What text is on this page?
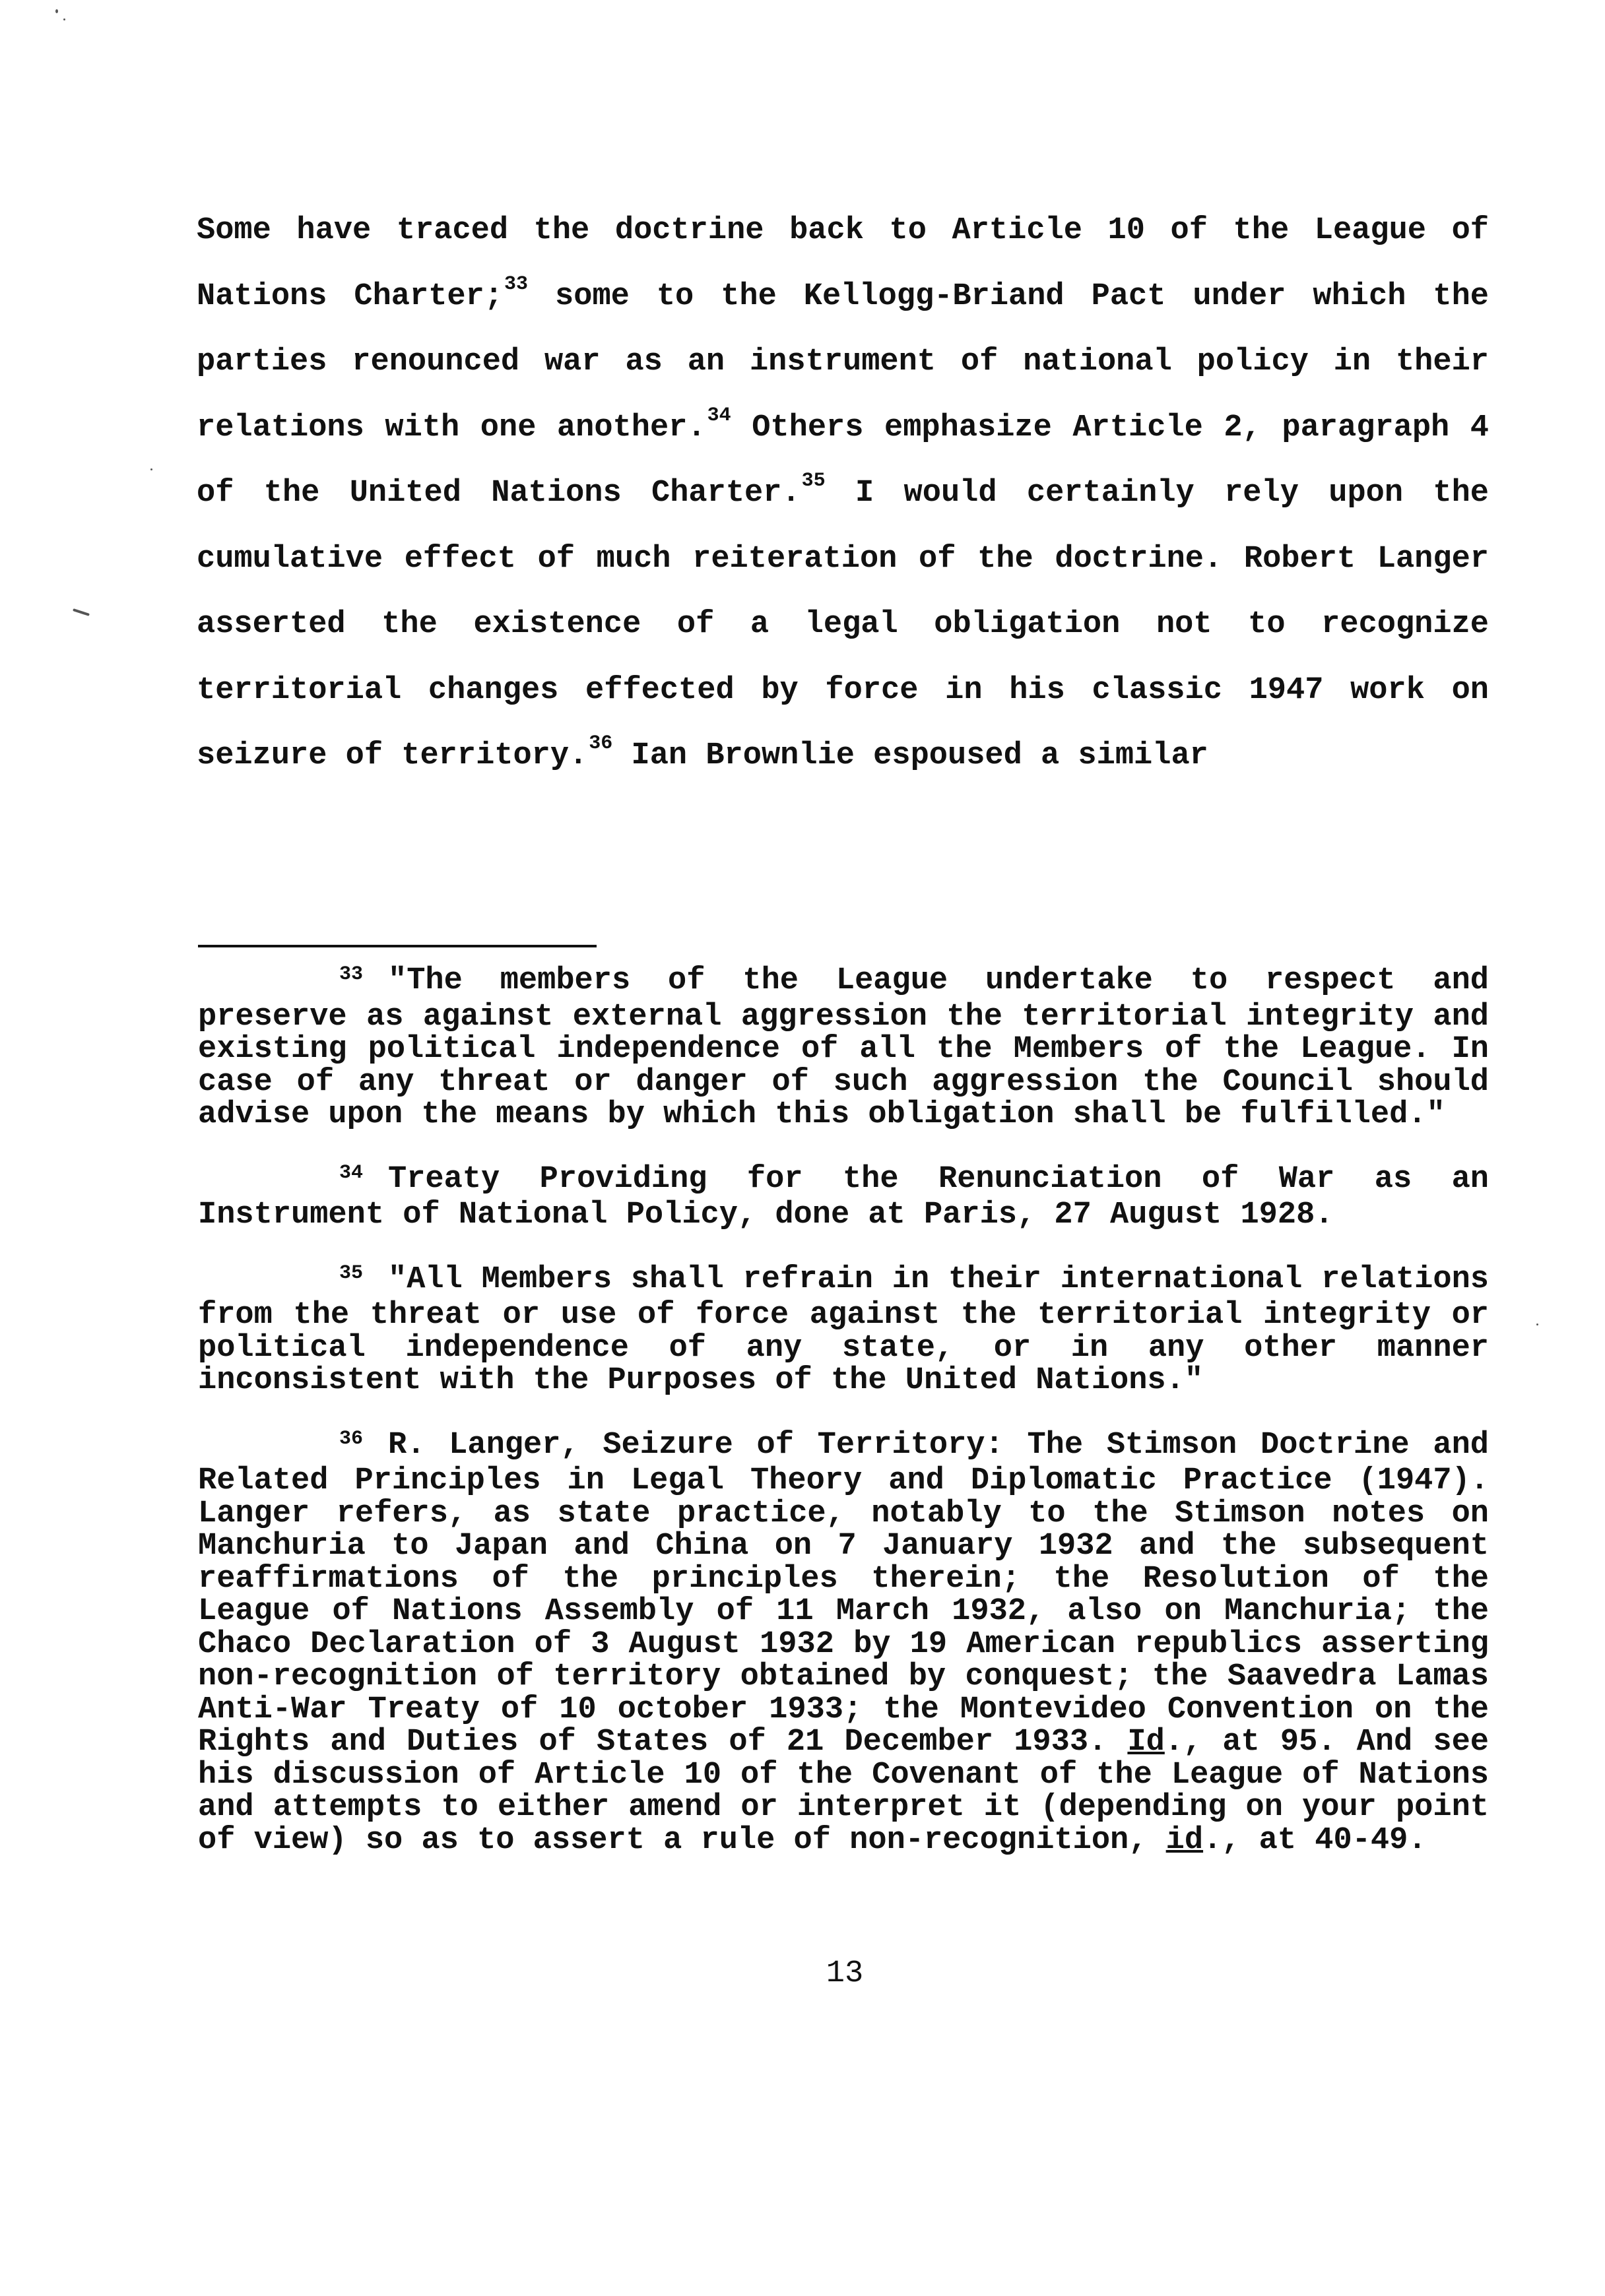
Some have traced the doctrine back to Article 10 of the League of Nations Charter;$^{33}$ some to the Kellogg-Briand Pact under which the parties renounced war as an instrument of national policy in their relations with one another.$^{34}$ Others emphasize Article 2, paragraph 4 of the United Nations Charter.$^{35}$ I would certainly rely upon the cumulative effect of much reiteration of the doctrine. Robert Langer asserted the existence of a legal obligation not to recognize territorial changes effected by force in his classic 1947 work on seizure of territory.$^{36}$ Ian Brownlie espoused a similar

$^{33}$ "The members of the League undertake to respect and preserve as against external aggression the territorial integrity and existing political independence of all the Members of the League. In case of any threat or danger of such aggression the Council should advise upon the means by which this obligation shall be fulfilled."

$^{34}$ Treaty Providing for the Renunciation of War as an Instrument of National Policy, done at Paris, 27 August 1928.

$^{35}$ "All Members shall refrain in their international relations from the threat or use of force against the territorial integrity or political independence of any state, or in any other manner inconsistent with the Purposes of the United Nations."

$^{36}$ R. Langer, Seizure of Territory: The Stimson Doctrine and Related Principles in Legal Theory and Diplomatic Practice (1947). Langer refers, as state practice, notably to the Stimson notes on Manchuria to Japan and China on 7 January 1932 and the subsequent reaffirmations of the principles therein; the Resolution of the League of Nations Assembly of 11 March 1932, also on Manchuria; the Chaco Declaration of 3 August 1932 by 19 American republics asserting non-recognition of territory obtained by conquest; the Saavedra Lamas Anti-War Treaty of 10 october 1933; the Montevideo Convention on the Rights and Duties of States of 21 December 1933. Id., at 95. And see his discussion of Article 10 of the Covenant of the League of Nations and attempts to either amend or interpret it (depending on your point of view) so as to assert a rule of non-recognition, id., at 40-49.

13
